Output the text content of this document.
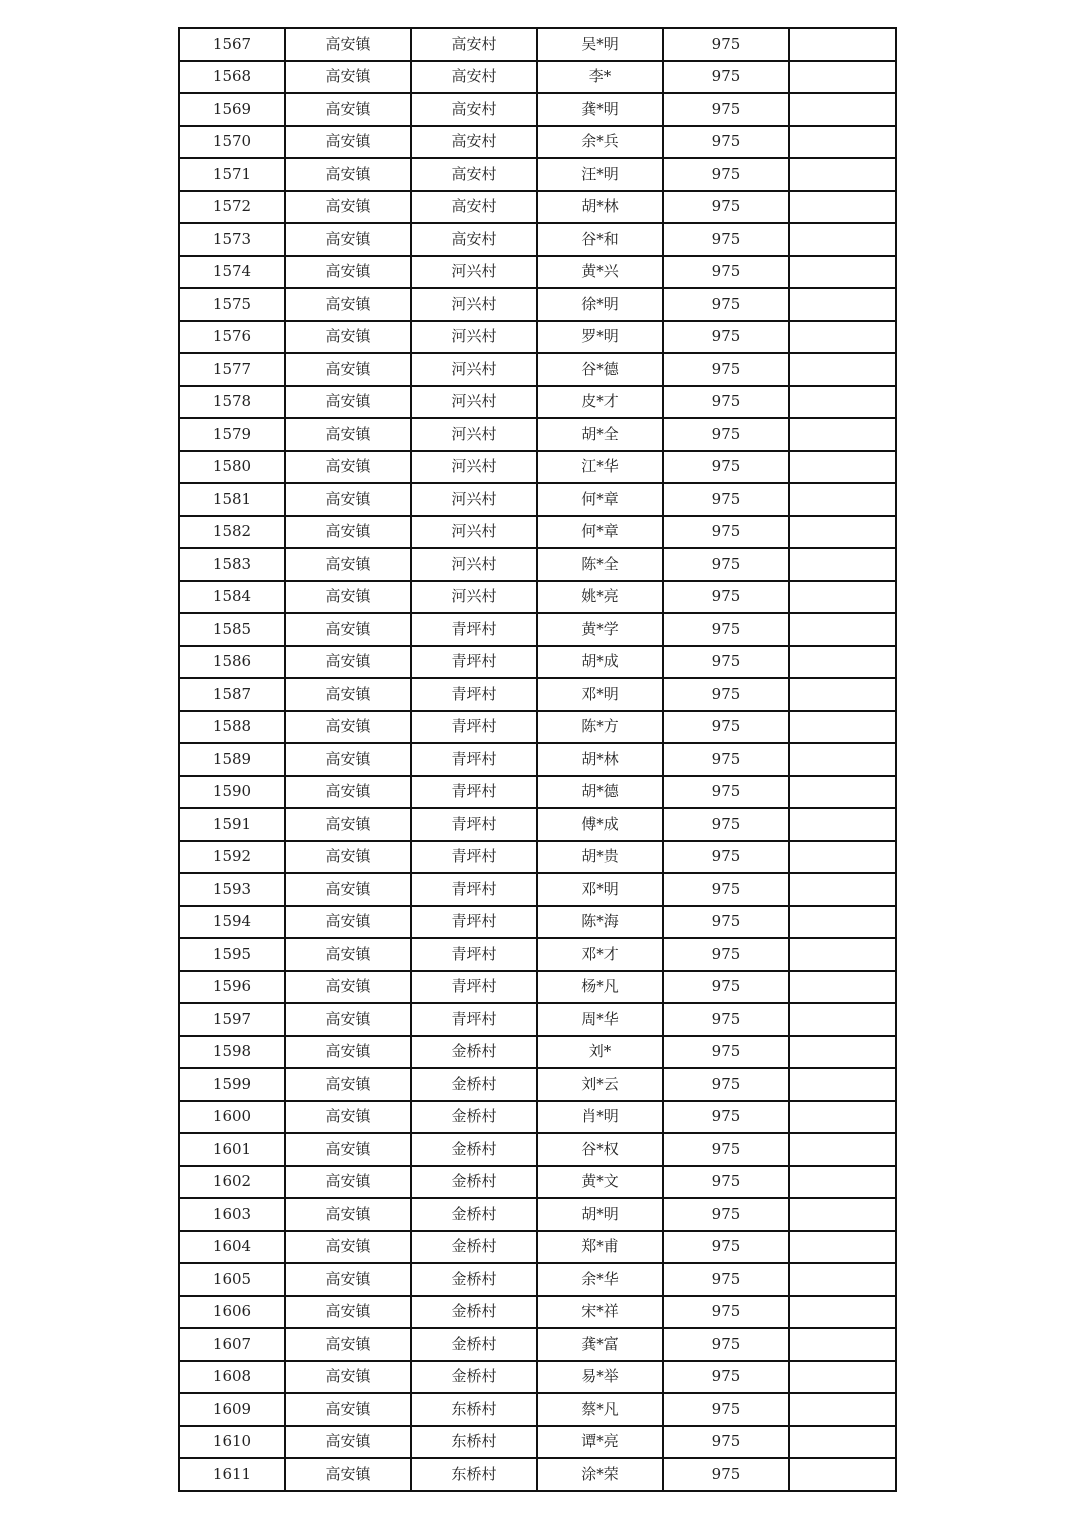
1567	高安镇	高安村	吴*明	975	
1568	高安镇	高安村	李*	975	
1569	高安镇	高安村	龚*明	975	
1570	高安镇	高安村	余*兵	975	
1571	高安镇	高安村	汪*明	975	
1572	高安镇	高安村	胡*林	975	
1573	高安镇	高安村	谷*和	975	
1574	高安镇	河兴村	黄*兴	975	
1575	高安镇	河兴村	徐*明	975	
1576	高安镇	河兴村	罗*明	975	
1577	高安镇	河兴村	谷*德	975	
1578	高安镇	河兴村	皮*才	975	
1579	高安镇	河兴村	胡*全	975	
1580	高安镇	河兴村	江*华	975	
1581	高安镇	河兴村	何*章	975	
1582	高安镇	河兴村	何*章	975	
1583	高安镇	河兴村	陈*全	975	
1584	高安镇	河兴村	姚*亮	975	
1585	高安镇	青坪村	黄*学	975	
1586	高安镇	青坪村	胡*成	975	
1587	高安镇	青坪村	邓*明	975	
1588	高安镇	青坪村	陈*方	975	
1589	高安镇	青坪村	胡*林	975	
1590	高安镇	青坪村	胡*德	975	
1591	高安镇	青坪村	傅*成	975	
1592	高安镇	青坪村	胡*贵	975	
1593	高安镇	青坪村	邓*明	975	
1594	高安镇	青坪村	陈*海	975	
1595	高安镇	青坪村	邓*才	975	
1596	高安镇	青坪村	杨*凡	975	
1597	高安镇	青坪村	周*华	975	
1598	高安镇	金桥村	刘*	975	
1599	高安镇	金桥村	刘*云	975	
1600	高安镇	金桥村	肖*明	975	
1601	高安镇	金桥村	谷*权	975	
1602	高安镇	金桥村	黄*文	975	
1603	高安镇	金桥村	胡*明	975	
1604	高安镇	金桥村	郑*甫	975	
1605	高安镇	金桥村	余*华	975	
1606	高安镇	金桥村	宋*祥	975	
1607	高安镇	金桥村	龚*富	975	
1608	高安镇	金桥村	易*举	975	
1609	高安镇	东桥村	蔡*凡	975	
1610	高安镇	东桥村	谭*亮	975	
1611	高安镇	东桥村	涂*荣	975	
